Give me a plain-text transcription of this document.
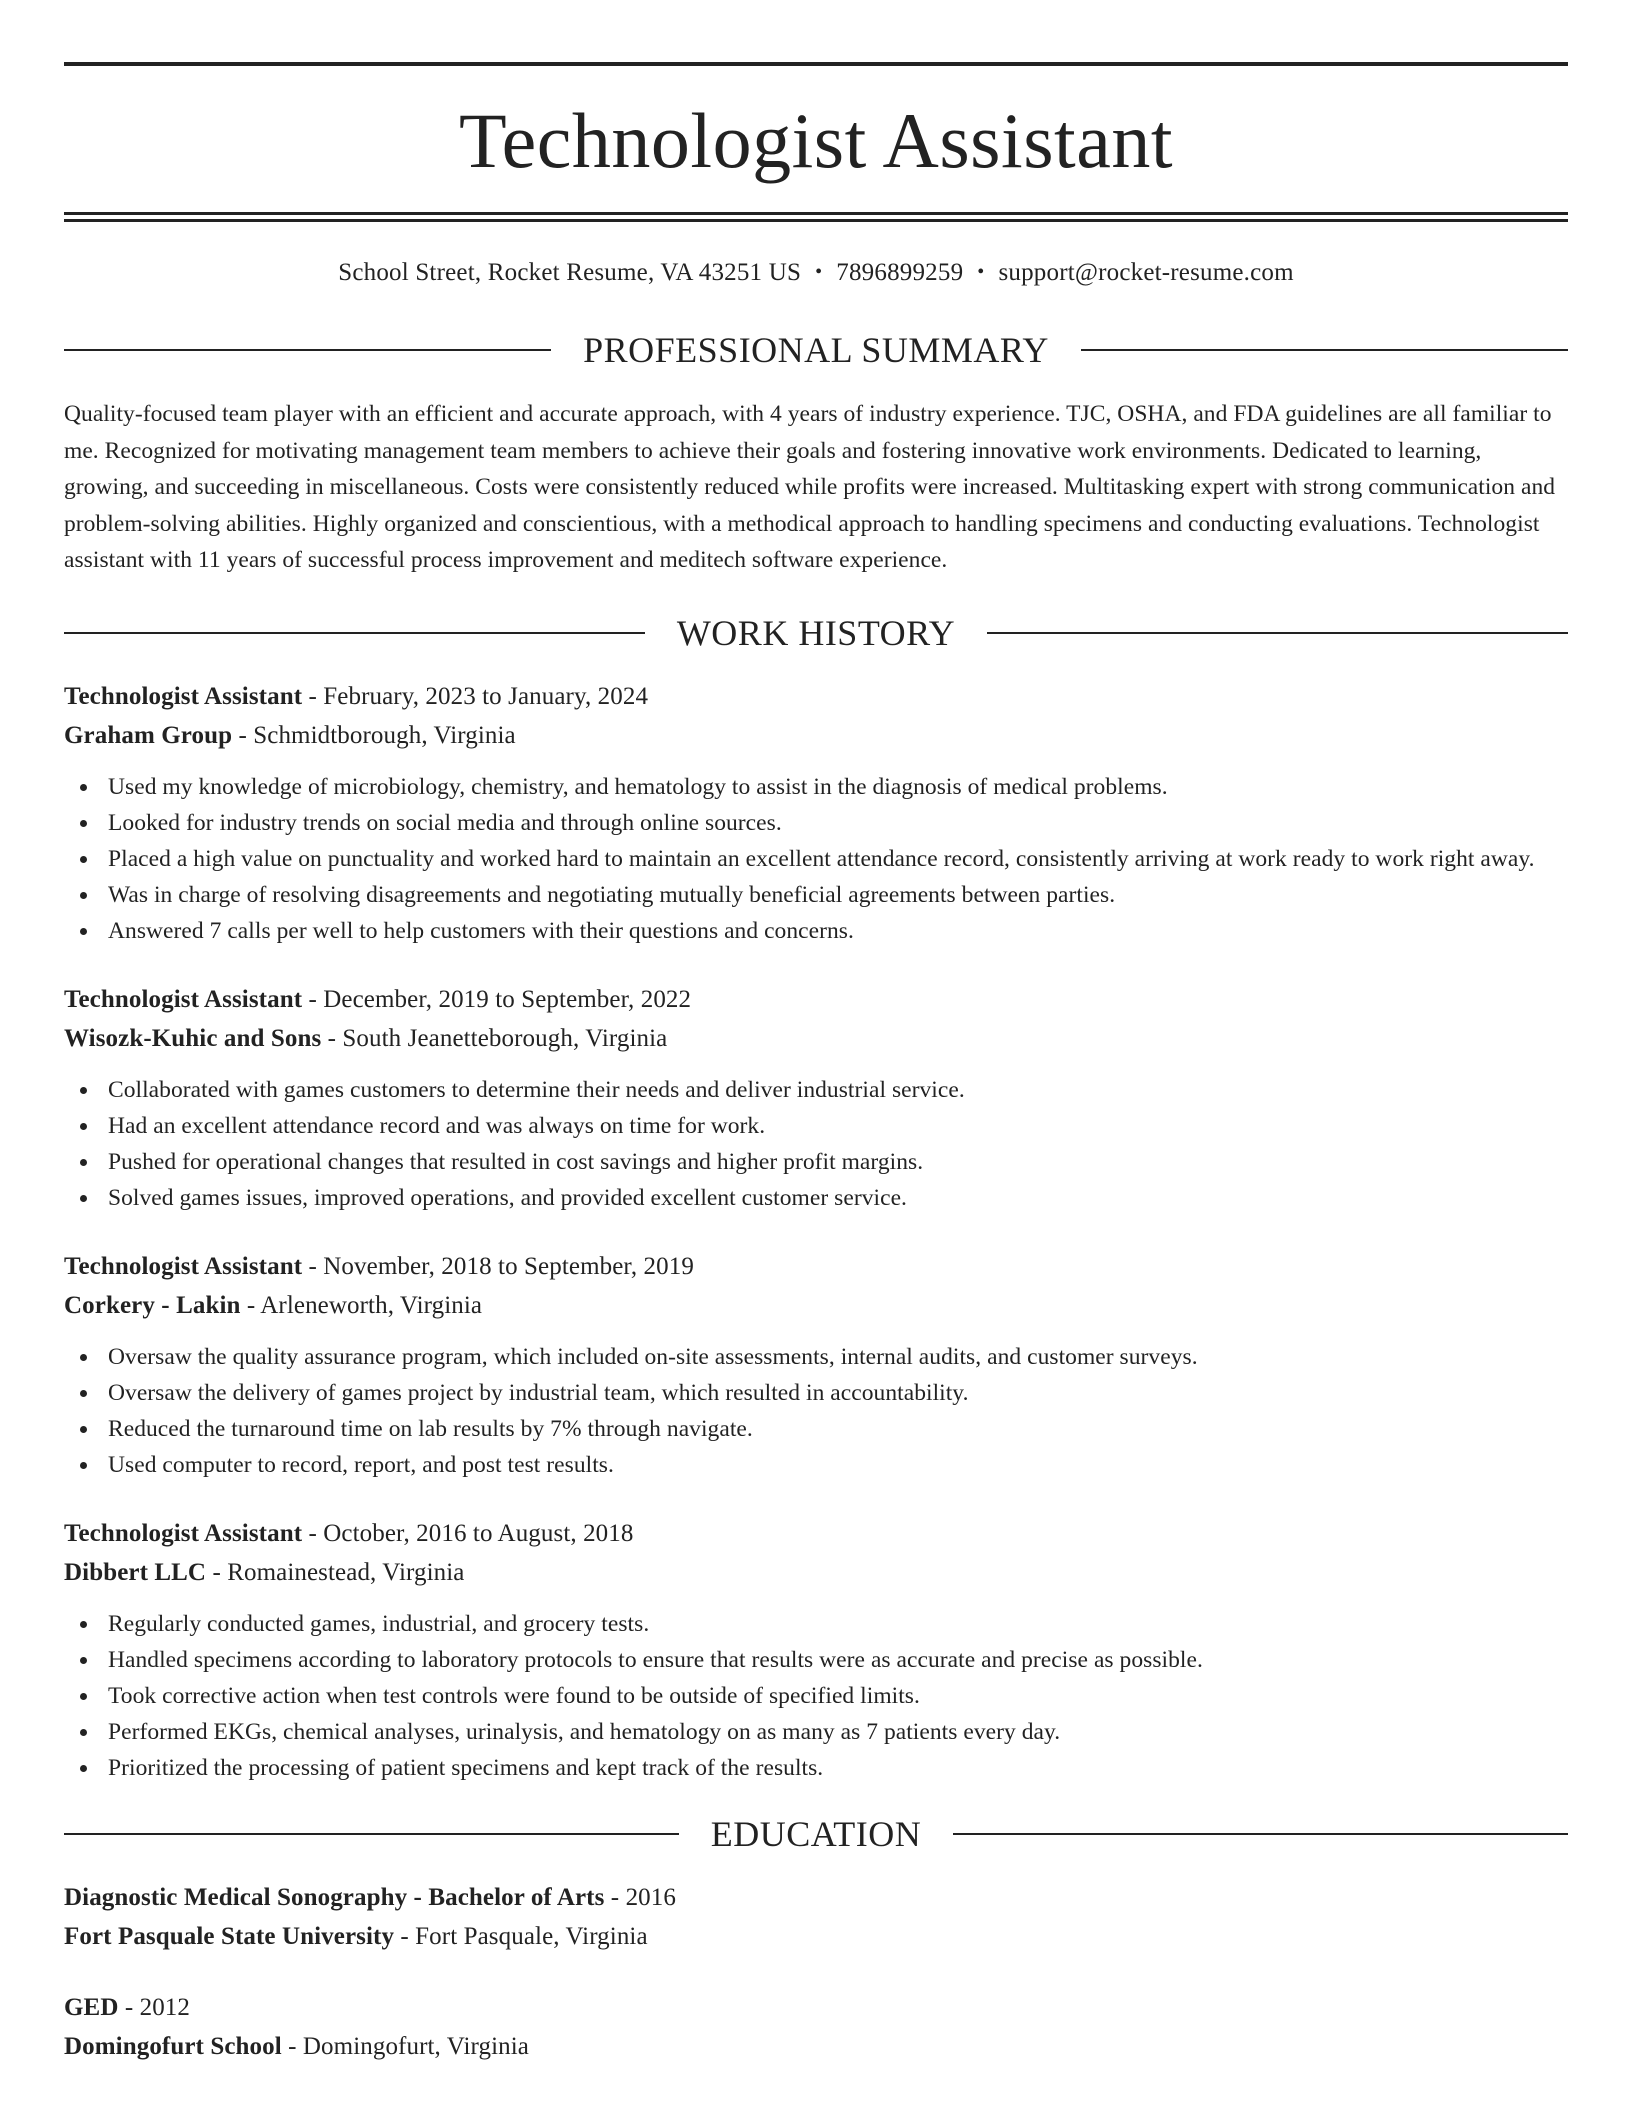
Technologist Assistant
School Street, Rocket Resume, VA 43251 US • 7896899259 • support@rocket-resume.com
PROFESSIONAL SUMMARY

Quality-focused team player with an efficient and accurate approach, with 4 years of industry experience. TJC, OSHA, and FDA guidelines are all familiar to me. Recognized for motivating management team members to achieve their goals and fostering innovative work environments. Dedicated to learning, growing, and succeeding in miscellaneous. Costs were consistently reduced while profits were increased. Multitasking expert with strong communication and problem-solving abilities. Highly organized and conscientious, with a methodical approach to handling specimens and conducting evaluations. Technologist assistant with 11 years of successful process improvement and meditech software experience.

WORK HISTORY
Technologist Assistant - February, 2023 to January, 2024
Graham Group - Schmidtborough, Virginia
Used my knowledge of microbiology, chemistry, and hematology to assist in the diagnosis of medical problems.
Looked for industry trends on social media and through online sources.
Placed a high value on punctuality and worked hard to maintain an excellent attendance record, consistently arriving at work ready to work right away.
Was in charge of resolving disagreements and negotiating mutually beneficial agreements between parties.
Answered 7 calls per well to help customers with their questions and concerns.
Technologist Assistant - December, 2019 to September, 2022
Wisozk-Kuhic and Sons - South Jeanetteborough, Virginia
Collaborated with games customers to determine their needs and deliver industrial service.
Had an excellent attendance record and was always on time for work.
Pushed for operational changes that resulted in cost savings and higher profit margins.
Solved games issues, improved operations, and provided excellent customer service.
Technologist Assistant - November, 2018 to September, 2019
Corkery - Lakin - Arleneworth, Virginia
Oversaw the quality assurance program, which included on-site assessments, internal audits, and customer surveys.
Oversaw the delivery of games project by industrial team, which resulted in accountability.
Reduced the turnaround time on lab results by 7% through navigate.
Used computer to record, report, and post test results.
Technologist Assistant - October, 2016 to August, 2018
Dibbert LLC - Romainestead, Virginia
Regularly conducted games, industrial, and grocery tests.
Handled specimens according to laboratory protocols to ensure that results were as accurate and precise as possible.
Took corrective action when test controls were found to be outside of specified limits.
Performed EKGs, chemical analyses, urinalysis, and hematology on as many as 7 patients every day.
Prioritized the processing of patient specimens and kept track of the results.
EDUCATION
Diagnostic Medical Sonography - Bachelor of Arts - 2016
Fort Pasquale State University - Fort Pasquale, Virginia
GED - 2012
Domingofurt School - Domingofurt, Virginia
